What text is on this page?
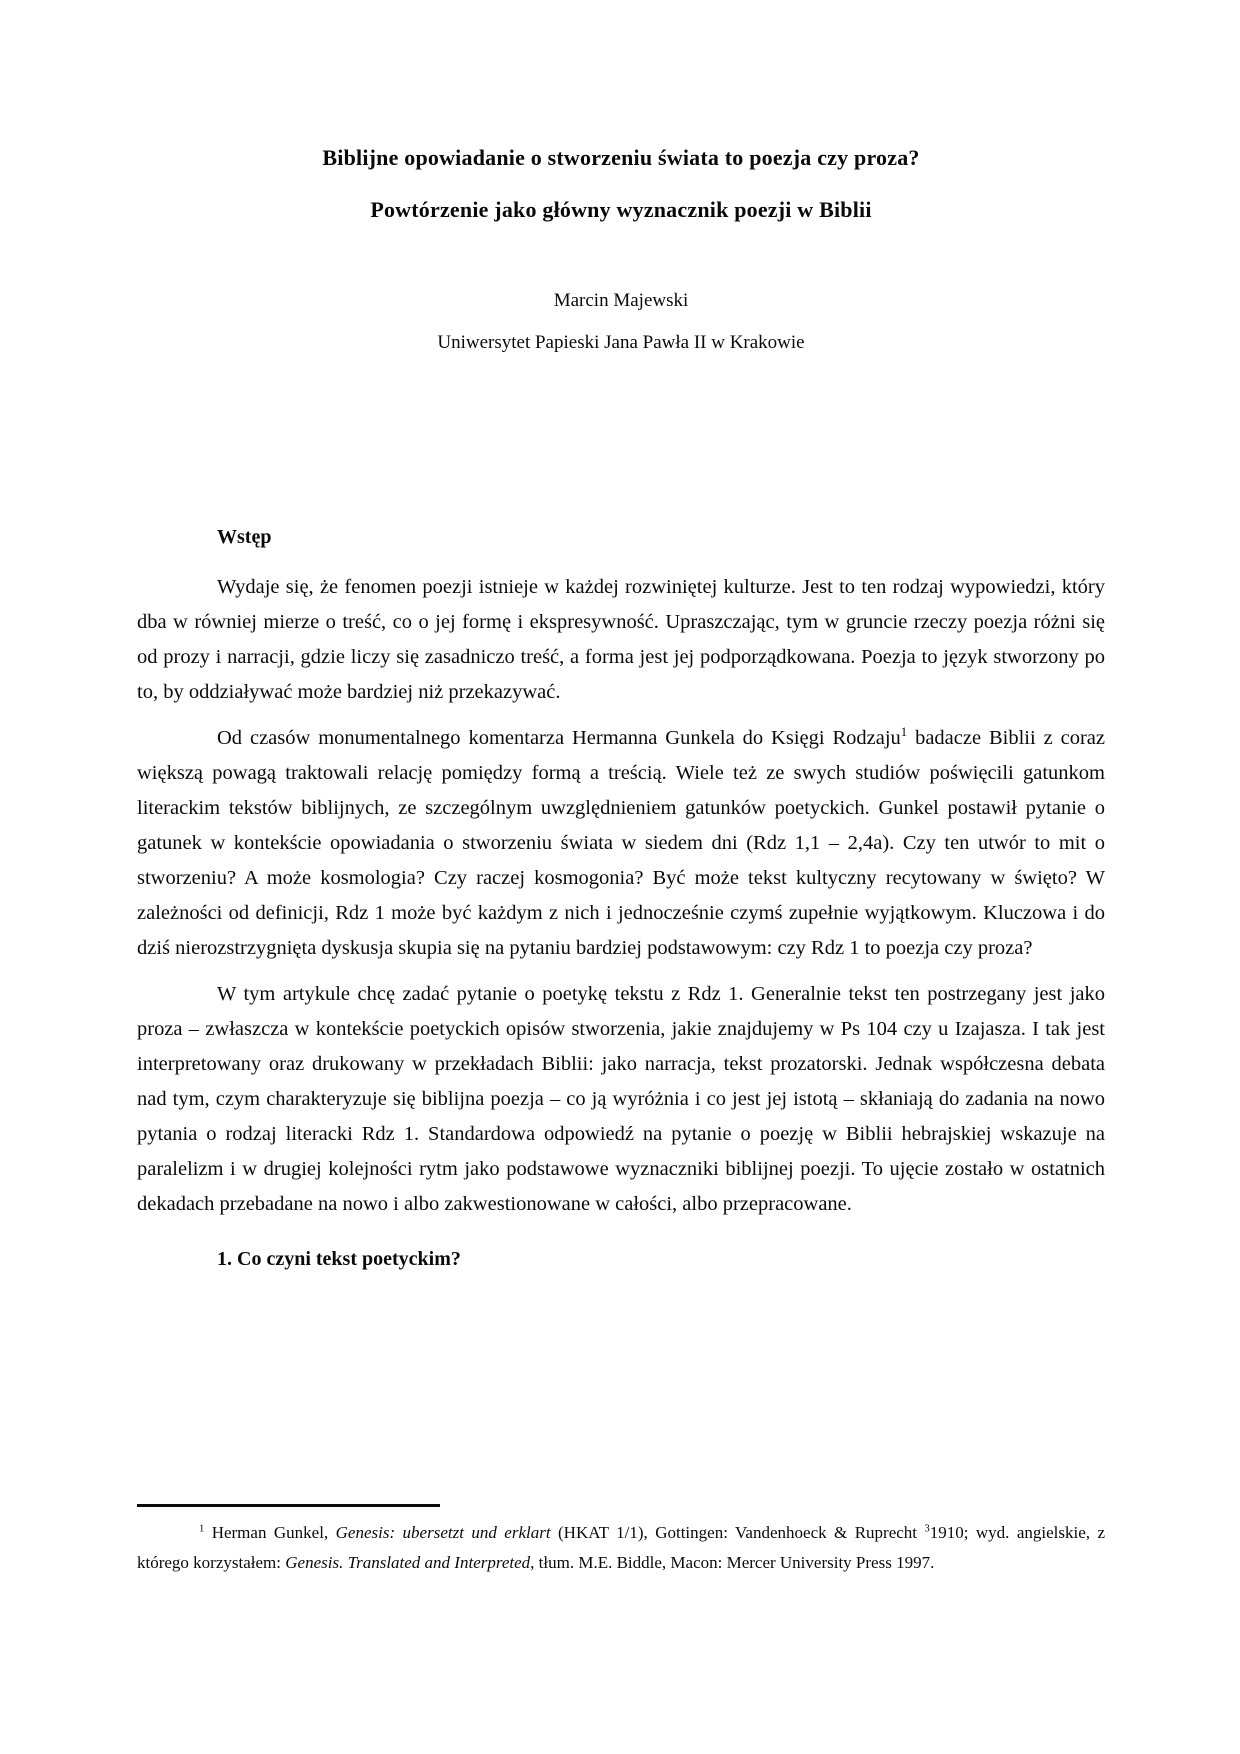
Biblijne opowiadanie o stworzeniu świata to poezja czy proza?
Powtórzenie jako główny wyznacznik poezji w Biblii

Marcin Majewski

Uniwersytet Papieski Jana Pawła II w Krakowie

Wstęp

Wydaje się, że fenomen poezji istnieje w każdej rozwiniętej kulturze. Jest to ten rodzaj wypowiedzi, który dba w równiej mierze o treść, co o jej formę i ekspresywność. Upraszczając, tym w gruncie rzeczy poezja różni się od prozy i narracji, gdzie liczy się zasadniczo treść, a forma jest jej podporządkowana. Poezja to język stworzony po to, by oddziaływać może bardziej niż przekazywać.

Od czasów monumentalnego komentarza Hermanna Gunkela do Księgi Rodzaju$^1$ badacze Biblii z coraz większą powagą traktowali relację pomiędzy formą a treścią. Wiele też ze swych studiów poświęcili gatunkom literackim tekstów biblijnych, ze szczególnym uwzględnieniem gatunków poetyckich. Gunkel postawił pytanie o gatunek w kontekście opowiadania o stworzeniu świata w siedem dni (Rdz 1,1 – 2,4a). Czy ten utwór to mit o stworzeniu? A może kosmologia? Czy raczej kosmogonia? Być może tekst kultyczny recytowany w święto? W zależności od definicji, Rdz 1 może być każdym z nich i jednocześnie czymś zupełnie wyjątkowym. Kluczowa i do dziś nierozstrzygnięta dyskusja skupia się na pytaniu bardziej podstawowym: czy Rdz 1 to poezja czy proza?

W tym artykule chcę zadać pytanie o poetykę tekstu z Rdz 1. Generalnie tekst ten postrzegany jest jako proza – zwłaszcza w kontekście poetyckich opisów stworzenia, jakie znajdujemy w Ps 104 czy u Izajasza. I tak jest interpretowany oraz drukowany w przekładach Biblii: jako narracja, tekst prozatorski. Jednak współczesna debata nad tym, czym charakteryzuje się biblijna poezja – co ją wyróżnia i co jest jej istotą – skłaniają do zadania na nowo pytania o rodzaj literacki Rdz 1. Standardowa odpowiedź na pytanie o poezję w Biblii hebrajskiej wskazuje na paralelizm i w drugiej kolejności rytm jako podstawowe wyznaczniki biblijnej poezji. To ujęcie zostało w ostatnich dekadach przebadane na nowo i albo zakwestionowane w całości, albo przepracowane.

1. Co czyni tekst poetyckim?

$^1$ Herman Gunkel, Genesis: ubersetzt und erklart (HKAT 1/1), Gottingen: Vandenhoeck & Ruprecht $^3$1910; wyd. angielskie, z którego korzystałem: Genesis. Translated and Interpreted, tłum. M.E. Biddle, Macon: Mercer University Press 1997.
